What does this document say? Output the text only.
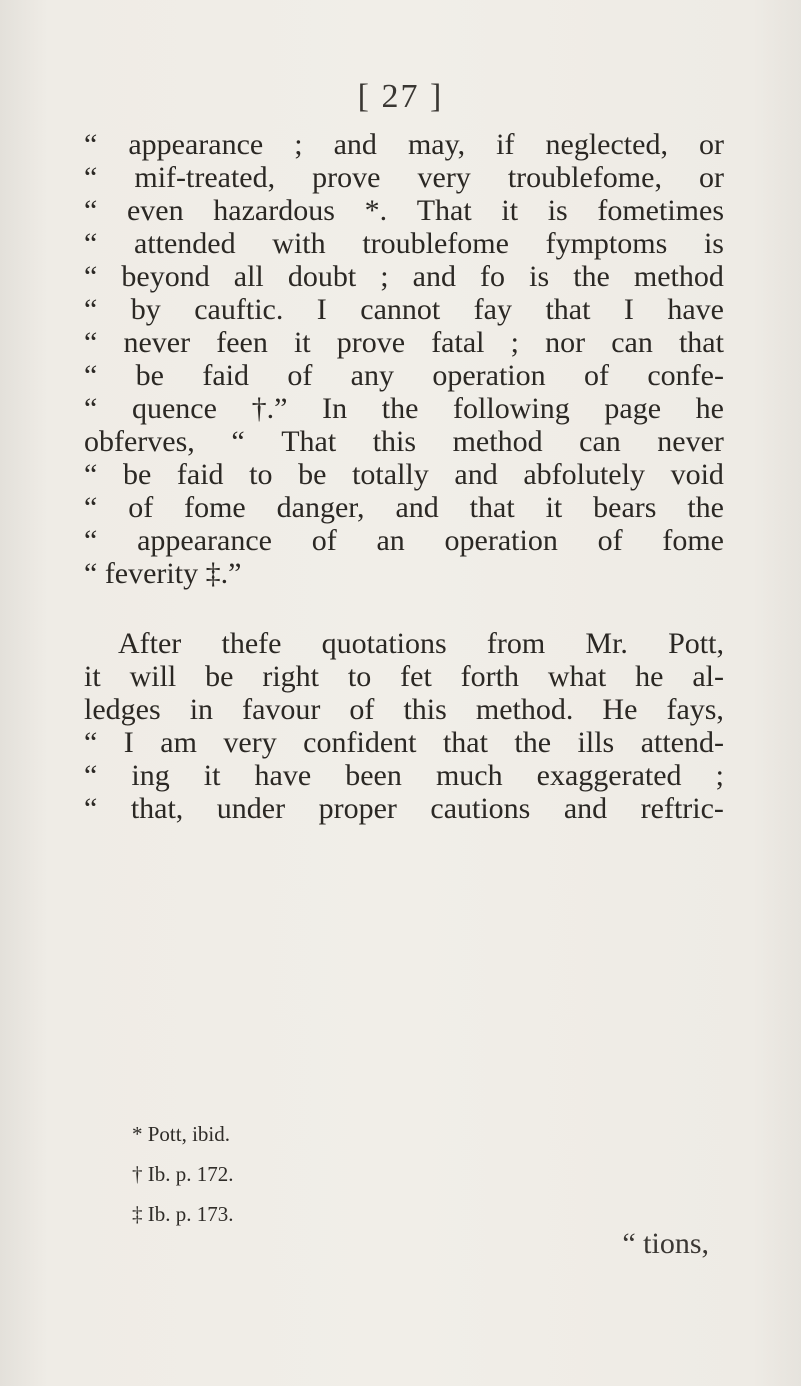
[ 27 ]
“ appearance ; and may, if neglected, or
“ mif-treated, prove very troublefome, or
“ even hazardous *. That it is fometimes
“ attended with troublefome fymptoms is
“ beyond all doubt ; and fo is the method
“ by cauftic. I cannot fay that I have
“ never feen it prove fatal ; nor can that
“ be faid of any operation of confe-
“ quence †.” In the following page he
obferves, “ That this method can never
“ be faid to be totally and abfolutely void
“ of fome danger, and that it bears the
“ appearance of an operation of fome
“ feverity ‡.”
After thefe quotations from Mr. Pott,
it will be right to fet forth what he al-
ledges in favour of this method. He fays,
“ I am very confident that the ills attend-
“ ing it have been much exaggerated ;
“ that, under proper cautions and reftric-
* Pott, ibid.
† Ib. p. 172.
‡ Ib. p. 173.
“ tions,
